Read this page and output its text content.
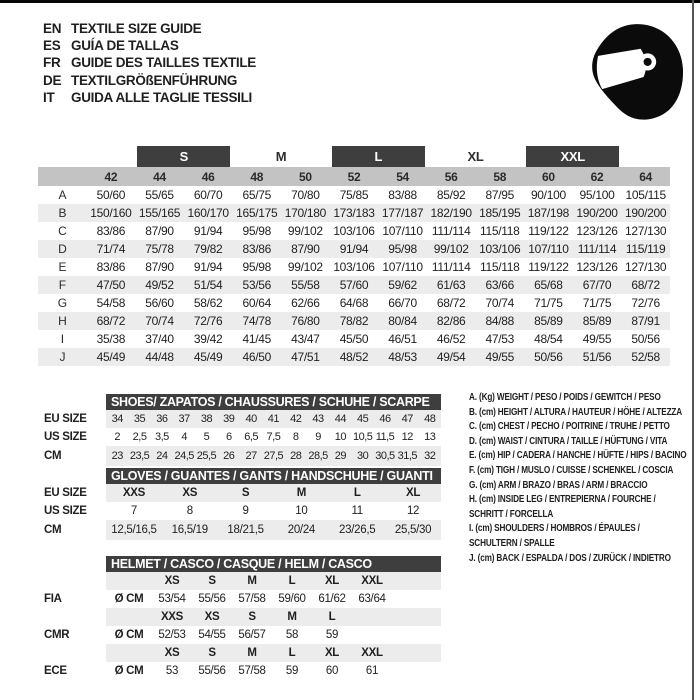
EN TEXTILE SIZE GUIDE
ES GUÍA DE TALLAS
FR GUIDE DES TAILLES TEXTILE
DE TEXTILGRÖßENFÜHRUNG
IT	GUIDA ALLE TAGLIE TESSILI

		S		M		L		XL		XXL		

	42	44	46	48	50	52	54	56	58	60	62	64
A	50/60	55/65	60/70	65/75	70/80	75/85	83/88	85/92	87/95	90/100	95/100	105/115
B	150/160	155/165	160/170	165/175	170/180	173/183	177/187	182/190	185/195	187/198	190/200	190/200
C	83/86	87/90	91/94	95/98	99/102	103/106	107/110	111/114	115/118	119/122	123/126	127/130
D	71/74	75/78	79/82	83/86	87/90	91/94	95/98	99/102	103/106	107/110	111/114	115/119
E	83/86	87/90	91/94	95/98	99/102	103/106	107/110	111/114	115/118	119/122	123/126	127/130
F	47/50	49/52	51/54	53/56	55/58	57/60	59/62	61/63	63/66	65/68	67/70	68/72
G	54/58	56/60	58/62	60/64	62/66	64/68	66/70	68/72	70/74	71/75	71/75	72/76
H	68/72	70/74	72/76	74/78	76/80	78/82	80/84	82/86	84/88	85/89	85/89	87/91
I	35/38	37/40	39/42	41/45	43/47	45/50	46/51	46/52	47/53	48/54	49/55	50/56
J	45/49	44/48	45/49	46/50	47/51	48/52	48/53	49/54	49/55	50/56	51/56	52/58
SHOES/ ZAPATOS / CHAUSSURES / SCHUHE / SCARPE
EU SIZE	34	35	36	37	38	39	40	41	42	43	44	45	46	47	48
US SIZE	2	2,5	3,5	4	5	6	6,5	7,5	8	9	10	10,5	11,5	12	13
CM	23	23,5	24	24,5	25,5	26	27	27,5	28	28,5	29	30	30,5	31,5	32
GLOVES / GUANTES / GANTS / HANDSCHUHE / GUANTI
EU SIZE	XXS	XS	S	M	L	XL
US SIZE	7	8	9	10	11	12
CM	12,5/16,5	16,5/19	18/21,5	20/24	23/26,5	25,5/30
HELMET / CASCO / CASQUE / HELM / CASCO
		XS	S	M	L	XL	XXL	
FIA	Ø CM	53/54	55/56	57/58	59/60	61/62	63/64	
		XXS	XS	S	M	L		
CMR	Ø CM	52/53	54/55	56/57	58	59		
		XS	S	M	L	XL	XXL	
ECE	Ø CM	53	55/56	57/58	59	60	61	
A. (Kg) WEIGHT / PESO / POIDS / GEWITCH / PESO
B. (cm) HEIGHT / ALTURA / HAUTEUR / HÖHE / ALTEZZA
C. (cm) CHEST / PECHO / POITRINE / TRUHE / PETTO
D. (cm) WAIST / CINTURA / TAILLE / HÜFTUNG / VITA
E. (cm) HIP / CADERA / HANCHE / HÜFTE / HIPS / BACINO
F. (cm) TIGH / MUSLO / CUISSE / SCHENKEL / COSCIA
G. (cm) ARM / BRAZO / BRAS / ARM / BRACCIO
H. (cm) INSIDE LEG / ENTREPIERNA / FOURCHE /
SCHRITT / FORCELLA
I. (cm) SHOULDERS / HOMBROS / ÉPAULES /
SCHULTERN / SPALLE
J. (cm) BACK / ESPALDA / DOS / ZURÜCK / INDIETRO
